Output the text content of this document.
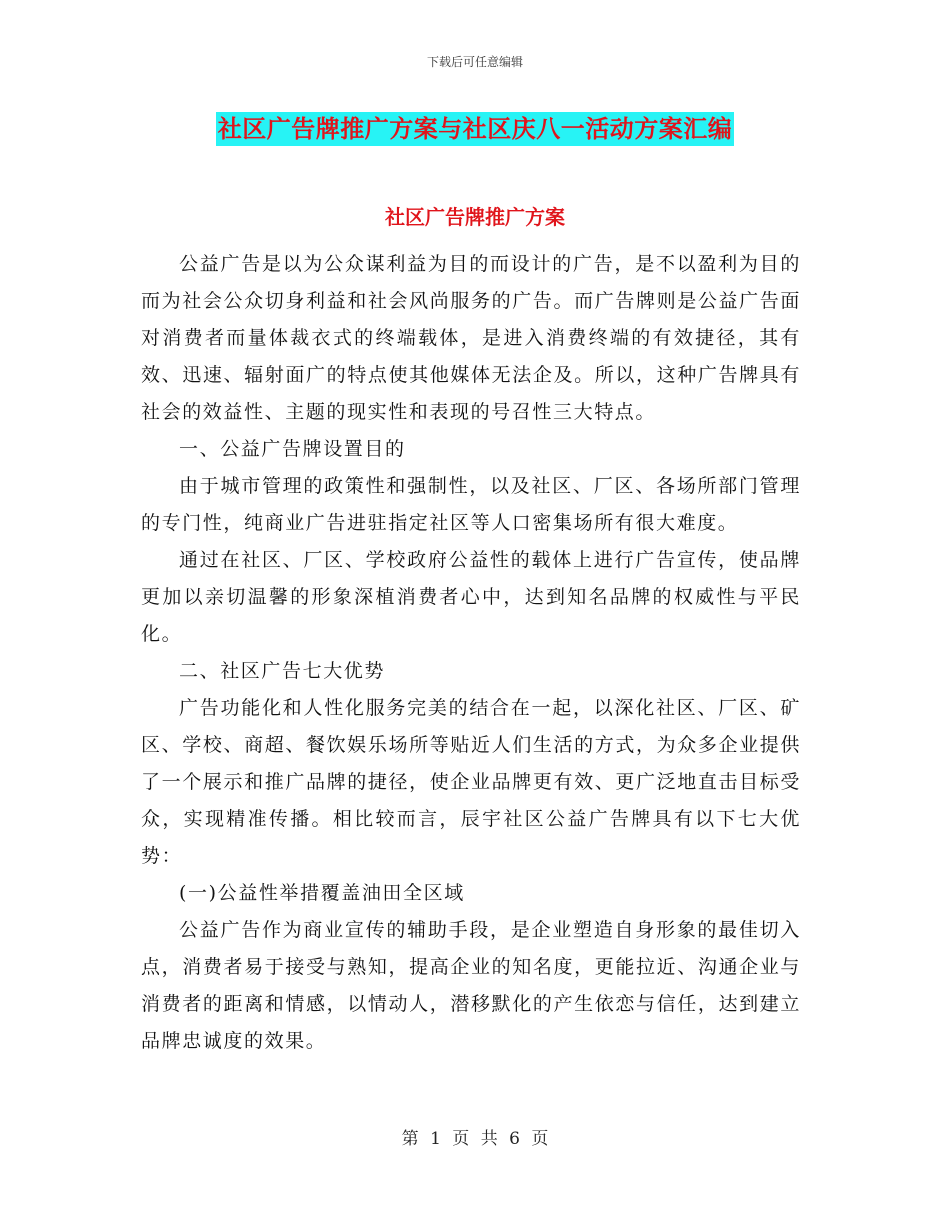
下载后可任意编辑
社区广告牌推广方案与社区庆八一活动方案汇编
社区广告牌推广方案

公益广告是以为公众谋利益为目的而设计的广告，是不以盈利为目的而为社会公众切身利益和社会风尚服务的广告。而广告牌则是公益广告面对消费者而量体裁衣式的终端载体，是进入消费终端的有效捷径，其有效、迅速、辐射面广的特点使其他媒体无法企及。所以，这种广告牌具有社会的效益性、主题的现实性和表现的号召性三大特点。

一、公益广告牌设置目的

由于城市管理的政策性和强制性，以及社区、厂区、各场所部门管理的专门性，纯商业广告进驻指定社区等人口密集场所有很大难度。

通过在社区、厂区、学校政府公益性的载体上进行广告宣传，使品牌更加以亲切温馨的形象深植消费者心中，达到知名品牌的权威性与平民化。

二、社区广告七大优势

广告功能化和人性化服务完美的结合在一起，以深化社区、厂区、矿区、学校、商超、餐饮娱乐场所等贴近人们生活的方式，为众多企业提供了一个展示和推广品牌的捷径，使企业品牌更有效、更广泛地直击目标受众，实现精准传播。相比较而言，辰宇社区公益广告牌具有以下七大优势：

(一)公益性举措覆盖油田全区域

公益广告作为商业宣传的辅助手段，是企业塑造自身形象的最佳切入点，消费者易于接受与熟知，提高企业的知名度，更能拉近、沟通企业与消费者的距离和情感，以情动人，潜移默化的产生依恋与信任，达到建立品牌忠诚度的效果。

第 1 页 共 6 页
